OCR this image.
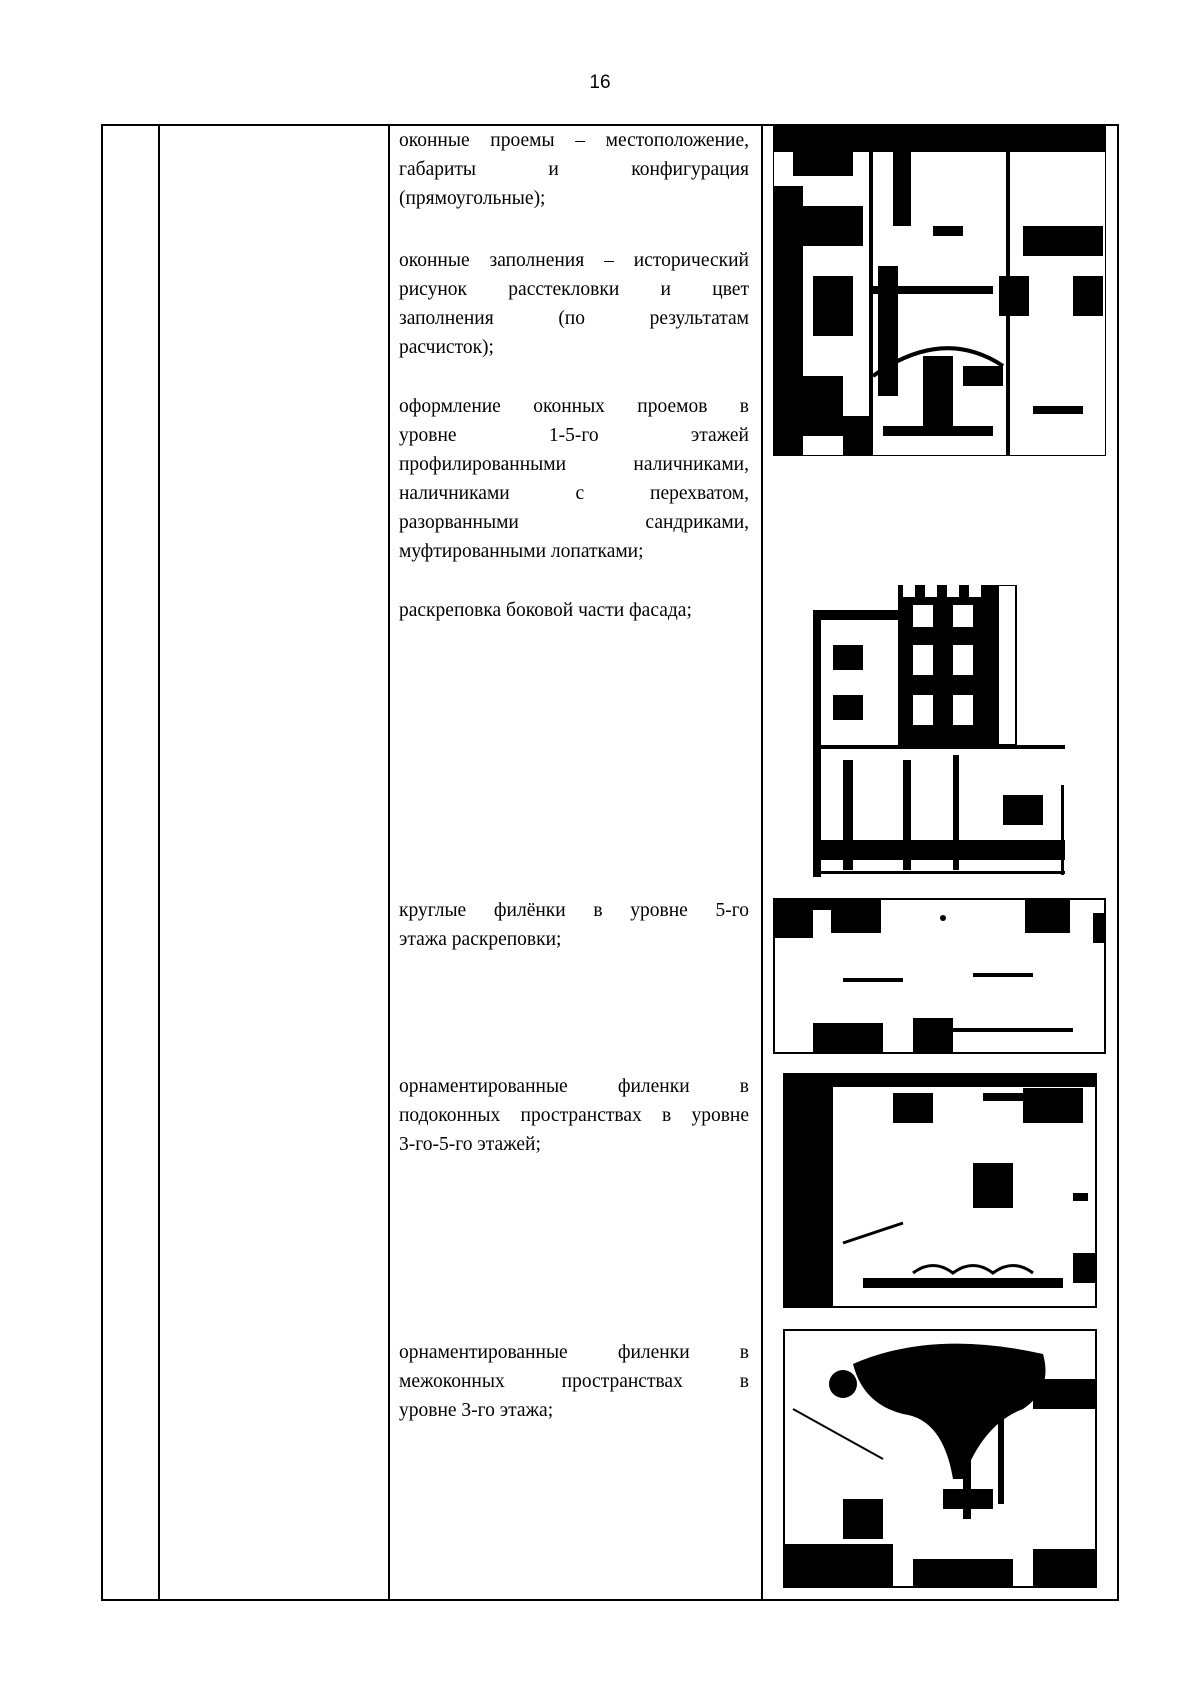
16

оконные проемы – местоположение,

габариты и конфигурация

(прямоугольные);

оконные заполнения – исторический

рисунок расстекловки и цвет

заполнения (по результатам

расчисток);

оформление оконных проемов в

уровне 1-5-го этажей

профилированными наличниками,

наличниками с перехватом,

разорванными сандриками,

муфтированными лопатками;

раскреповка боковой части фасада;

круглые филёнки в уровне 5-го

этажа раскреповки;

орнаментированные филенки в

подоконных пространствах в уровне

3-го-5-го этажей;

орнаментированные филенки в

межоконных пространствах в

уровне 3-го этажа;
